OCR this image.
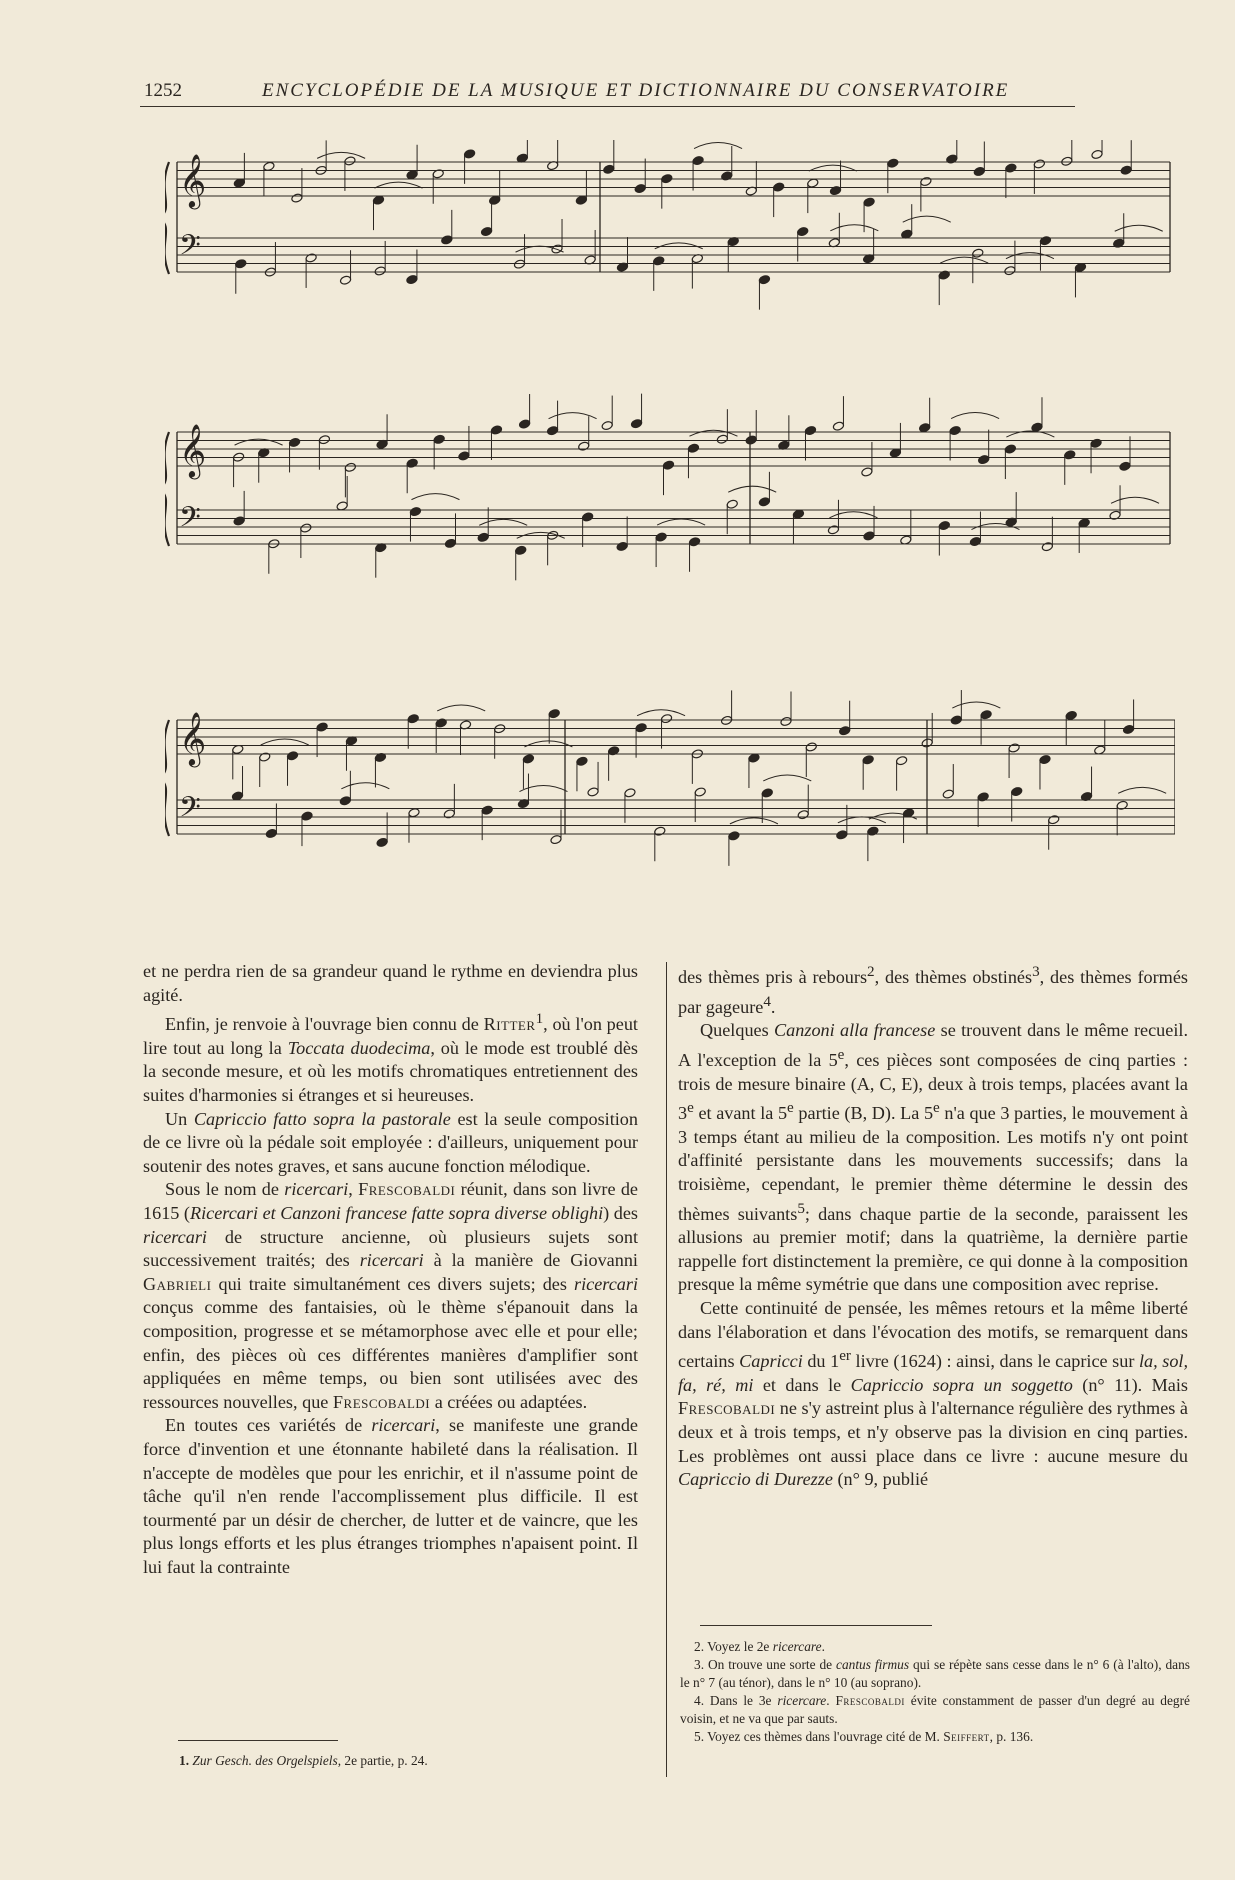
1252	ENCYCLOPÉDIE DE LA MUSIQUE ET DICTIONNAIRE DU CONSERVATOIRE
𝄞
𝄢
𝄞
𝄢
𝄞
𝄢

et ne perdra rien de sa grandeur quand le rythme en deviendra plus agité.

Enfin, je renvoie à l'ouvrage bien connu de Ritter$^1$, où l'on peut lire tout au long la Toccata duodecima, où le mode est troublé dès la seconde mesure, et où les motifs chromatiques entretiennent des suites d'harmonies si étranges et si heureuses.

Un Capriccio fatto sopra la pastorale est la seule composition de ce livre où la pédale soit employée : d'ailleurs, uniquement pour soutenir des notes graves, et sans aucune fonction mélodique.

Sous le nom de ricercari, Frescobaldi réunit, dans son livre de 1615 (Ricercari et Canzoni francese fatte sopra diverse oblighi) des ricercari de structure ancienne, où plusieurs sujets sont successivement traités; des ricercari à la manière de Giovanni Gabrieli qui traite simultanément ces divers sujets; des ricercari conçus comme des fantaisies, où le thème s'épanouit dans la composition, progresse et se métamorphose avec elle et pour elle; enfin, des pièces où ces différentes manières d'amplifier sont appliquées en même temps, ou bien sont utilisées avec des ressources nouvelles, que Frescobaldi a créées ou adaptées.

En toutes ces variétés de ricercari, se manifeste une grande force d'invention et une étonnante habileté dans la réalisation. Il n'accepte de modèles que pour les enrichir, et il n'assume point de tâche qu'il n'en rende l'accomplissement plus difficile. Il est tourmenté par un désir de chercher, de lutter et de vaincre, que les plus longs efforts et les plus étranges triomphes n'apaisent point. Il lui faut la contrainte

des thèmes pris à rebours$^2$, des thèmes obstinés$^3$, des thèmes formés par gageure$^4$.

Quelques Canzoni alla francese se trouvent dans le même recueil. A l'exception de la 5e, ces pièces sont composées de cinq parties : trois de mesure binaire (A, C, E), deux à trois temps, placées avant la 3e et avant la 5e partie (B, D). La 5e n'a que 3 parties, le mouvement à 3 temps étant au milieu de la composition. Les motifs n'y ont point d'affinité persistante dans les mouvements successifs; dans la troisième, cependant, le premier thème détermine le dessin des thèmes suivants$^5$; dans chaque partie de la seconde, paraissent les allusions au premier motif; dans la quatrième, la dernière partie rappelle fort distinctement la première, ce qui donne à la composition presque la même symétrie que dans une composition avec reprise.

Cette continuité de pensée, les mêmes retours et la même liberté dans l'élaboration et dans l'évocation des motifs, se remarquent dans certains Capricci du 1er livre (1624) : ainsi, dans le caprice sur la, sol, fa, ré, mi et dans le Capriccio sopra un soggetto (n° 11). Mais Frescobaldi ne s'y astreint plus à l'alternance régulière des rythmes à deux et à trois temps, et n'y observe pas la division en cinq parties. Les problèmes ont aussi place dans ce livre : aucune mesure du Capriccio di Durezze (n° 9, publié

1. Zur Gesch. des Orgelspiels, 2e partie, p. 24.

2. Voyez le 2e ricercare.

3. On trouve une sorte de cantus firmus qui se répète sans cesse dans le n° 6 (à l'alto), dans le n° 7 (au ténor), dans le n° 10 (au soprano).

4. Dans le 3e ricercare. Frescobaldi évite constamment de passer d'un degré au degré voisin, et ne va que par sauts.

5. Voyez ces thèmes dans l'ouvrage cité de M. Seiffert, p. 136.
